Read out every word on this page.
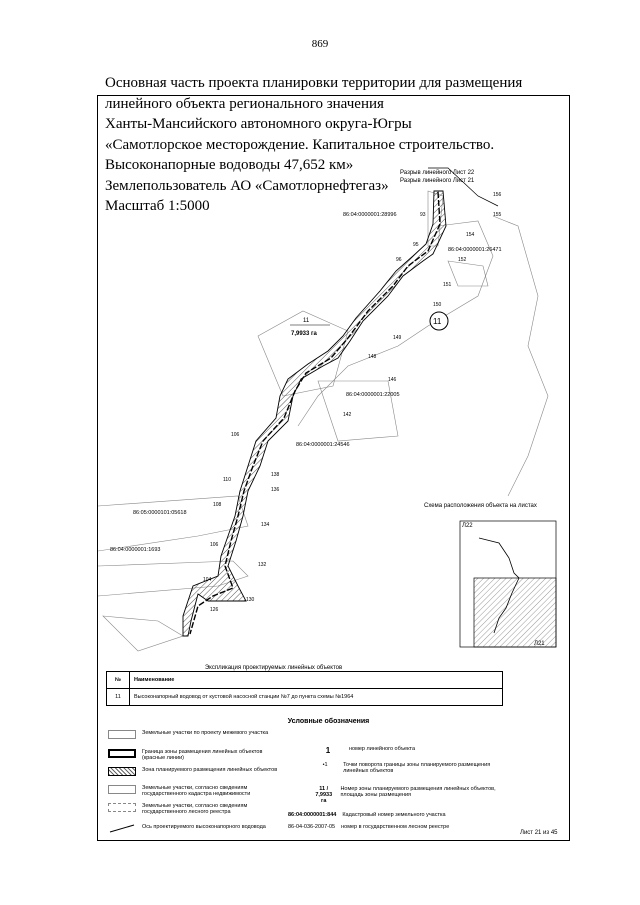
869
Основная часть проекта планировки территории для размещения
линейного объекта регионального значения
Ханты-Мансийского автономного округа-Югры
«Самотлорское месторождение. Капитальное строительство.
Высоконапорные водоводы 47,652 км»
Землепользователь АО «Самотлорнефтегаз»
Масштаб 1:5000
Разрыв линейного Лист 22
Разрыв линейного Лист 21
86:04:0000001:28996
86:04:0000001:26471
86:04:0000001:22005
86:04:0000001:24546
86:05:0000101:05618
86:04:0000001:1693
11
7,9933 га
11
156
155
154
152
151
150
149
148
146
142
138
136
134
132
130
126
110
108
106
104
106
96
95
93
Схема расположения объекта на листах
Л22
Л21
Экспликация проектируемых линейных объектов
№	Наименование
11	Высоконапорный водовод от кустовой насосной станции №7 до пункта схемы №1964
Условные обозначения
Земельные участки по проекту межевого участка
Граница зоны размещения линейных объектов (красные линии)
Зона планируемого размещения линейных объектов
Земельные участки, согласно сведениям государственного кадастра недвижимости
Земельные участки, согласно сведениям государственного лесного реестра
Ось проектируемого высоконапорного водовода
1	номер линейного объекта
•1	Точки поворота границы зоны планируемого размещения линейных объектов
11 / 7,9933 га
Номер зоны планируемого размещения линейных объектов, площадь зоны размещения
86:04:0000001:844 Кадастровый номер земельного участка
86-04-036-2007-05 номер в государственном лесном реестре
Лист 21 из 45
